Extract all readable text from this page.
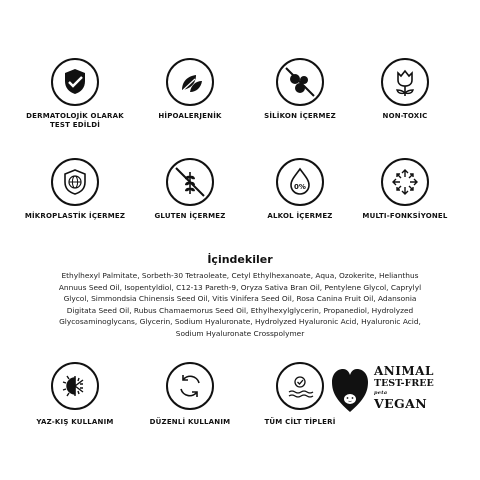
DERMATOLOJİK OLARAK TEST EDİLDİ
HİPOALERJENİK	SİLİKON İÇERMEZ	NON-TOXIC
MİKROPLASTİK İÇERMEZ	GLUTEN İÇERMEZ
0%
ALKOL İÇERMEZ	MULTI-FONKSİYONEL
İçindekiler
Ethylhexyl Palmitate, Sorbeth-30 Tetraoleate, Cetyl Ethylhexanoate, Aqua, Ozokerite, Helianthus Annuus Seed Oil, Isopentyldiol, C12-13 Pareth-9, Oryza Sativa Bran Oil, Pentylene Glycol, Caprylyl Glycol, Simmondsia Chinensis Seed Oil, Vitis Vinifera Seed Oil, Rosa Canina Fruit Oil, Adansonia Digitata Seed Oil, Rubus Chamaemorus Seed Oil, Ethylhexylglycerin, Propanediol, Hydrolyzed Glycosaminoglycans, Glycerin, Sodium Hyaluronate, Hydrolyzed Hyaluronic Acid, Hyaluronic Acid, Sodium Hyaluronate Crosspolymer
YAZ-KIŞ KULLANIM	DÜZENLİ KULLANIM	TÜM CİLT TİPLERİ
ANIMAL
TEST-FREE
peta
VEGAN
